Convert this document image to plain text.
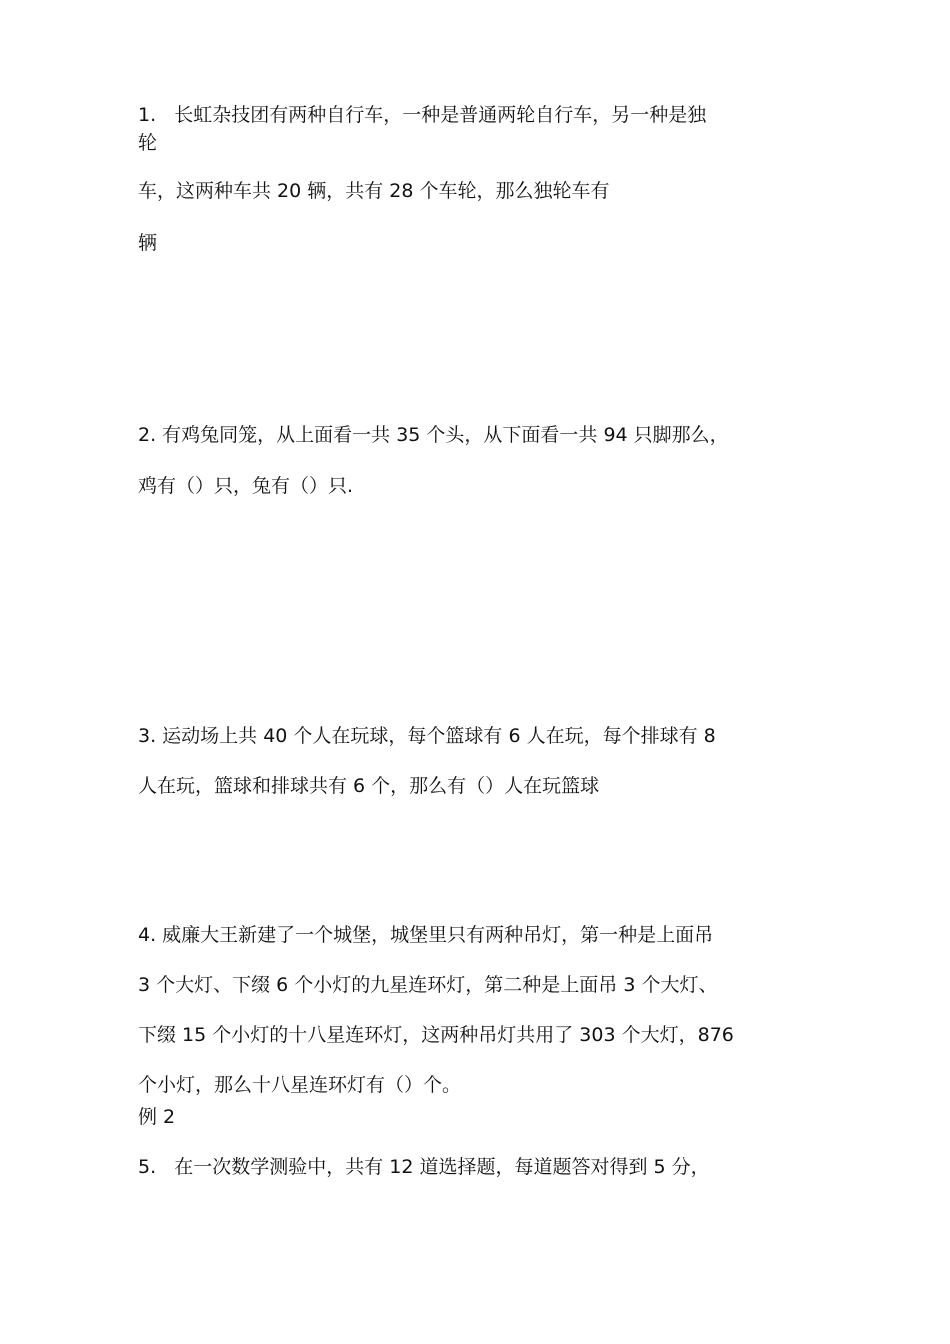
1.   长虹杂技团有两种自行车，一种是普通两轮自行车，另一种是独
轮
车，这两种车共 20 辆，共有 28 个车轮，那么独轮车有
辆
2. 有鸡兔同笼，从上面看一共 35 个头，从下面看一共 94 只脚那么，
鸡有（）只，兔有（）只.
3. 运动场上共 40 个人在玩球，每个篮球有 6 人在玩，每个排球有 8
人在玩，篮球和排球共有 6 个，那么有（）人在玩篮球
4. 威廉大王新建了一个城堡，城堡里只有两种吊灯，第一种是上面吊
3 个大灯、下缀 6 个小灯的九星连环灯，第二种是上面吊 3 个大灯、
下缀 15 个小灯的十八星连环灯，这两种吊灯共用了 303 个大灯，876
个小灯，那么十八星连环灯有（）个。
例 2
5.   在一次数学测验中，共有 12 道选择题，每道题答对得到 5 分，
